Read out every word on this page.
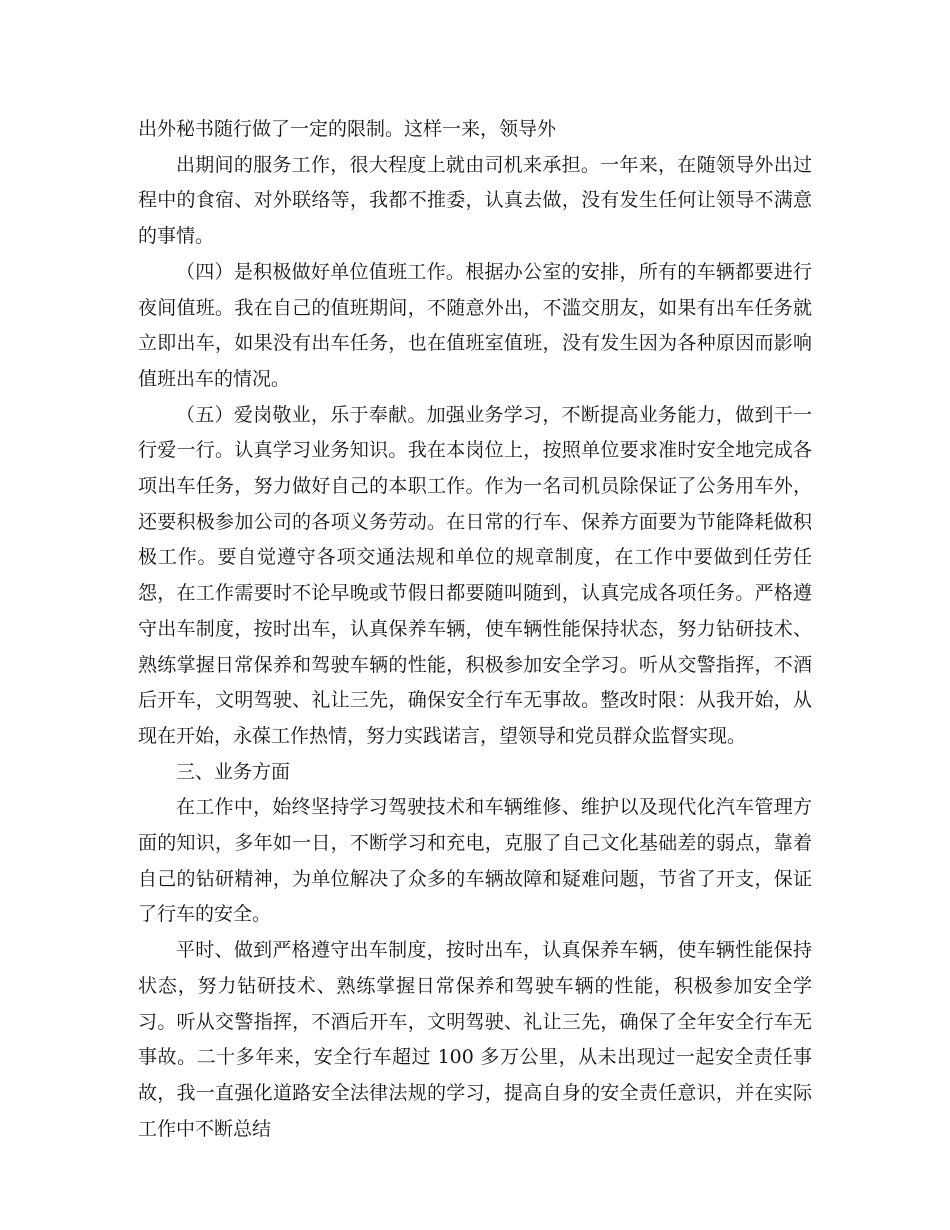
出外秘书随行做了一定的限制。这样一来，领导外

出期间的服务工作，很大程度上就由司机来承担。一年来，在随领导外出过程中的食宿、对外联络等，我都不推委，认真去做，没有发生任何让领导不满意的事情。

（四）是积极做好单位值班工作。根据办公室的安排，所有的车辆都要进行夜间值班。我在自己的值班期间，不随意外出，不滥交朋友，如果有出车任务就立即出车，如果没有出车任务，也在值班室值班，没有发生因为各种原因而影响值班出车的情况。

（五）爱岗敬业，乐于奉献。加强业务学习，不断提高业务能力，做到干一行爱一行。认真学习业务知识。我在本岗位上，按照单位要求准时安全地完成各项出车任务，努力做好自己的本职工作。作为一名司机员除保证了公务用车外，还要积极参加公司的各项义务劳动。在日常的行车、保养方面要为节能降耗做积极工作。要自觉遵守各项交通法规和单位的规章制度，在工作中要做到任劳任怨，在工作需要时不论早晚或节假日都要随叫随到，认真完成各项任务。严格遵守出车制度，按时出车，认真保养车辆，使车辆性能保持状态，努力钻研技术、熟练掌握日常保养和驾驶车辆的性能，积极参加安全学习。听从交警指挥，不酒后开车，文明驾驶、礼让三先，确保安全行车无事故。整改时限：从我开始，从现在开始，永葆工作热情，努力实践诺言，望领导和党员群众监督实现。

三、业务方面

在工作中，始终坚持学习驾驶技术和车辆维修、维护以及现代化汽车管理方面的知识，多年如一日，不断学习和充电，克服了自己文化基础差的弱点，靠着自己的钻研精神，为单位解决了众多的车辆故障和疑难问题，节省了开支，保证了行车的安全。

平时、做到严格遵守出车制度，按时出车，认真保养车辆，使车辆性能保持状态，努力钻研技术、熟练掌握日常保养和驾驶车辆的性能，积极参加安全学习。听从交警指挥，不酒后开车，文明驾驶、礼让三先，确保了全年安全行车无事故。二十多年来，安全行车超过 100 多万公里，从未出现过一起安全责任事故，我一直强化道路安全法律法规的学习，提高自身的安全责任意识，并在实际工作中不断总结
